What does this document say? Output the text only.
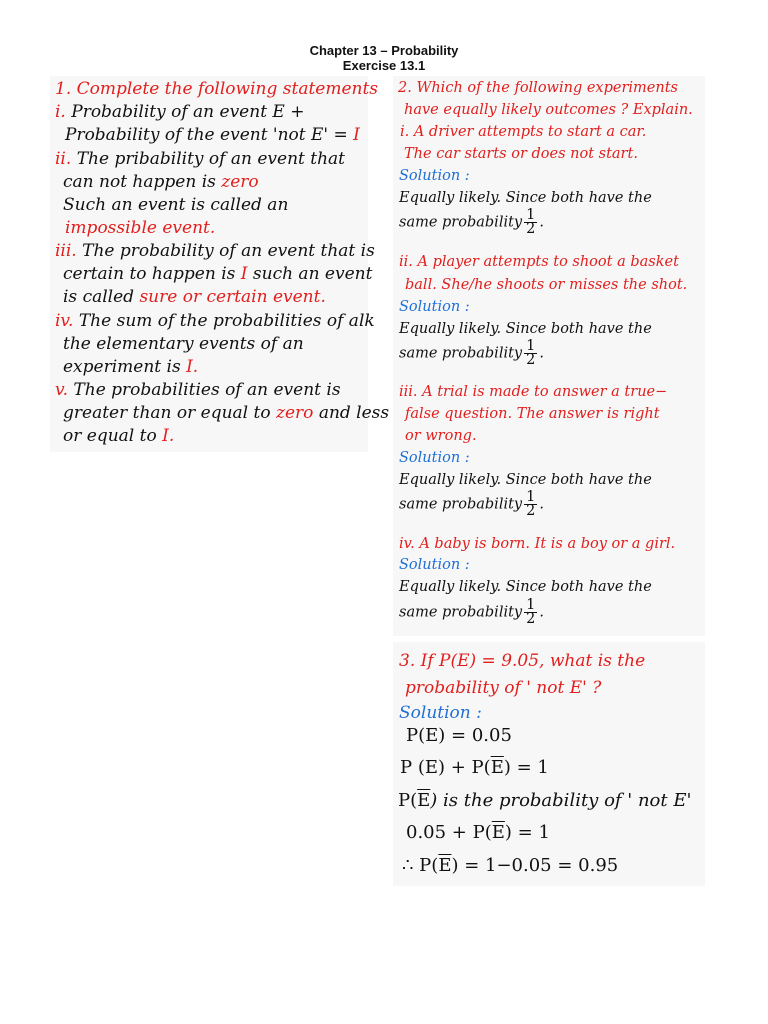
Chapter 13 – Probability
Exercise 13.1
1. Complete the following statements
i. Probability of an event E +
Probability of the event 'not E' = I
ii. The pribability of an event that
can not happen is zero
Such an event is called an
impossible event.
iii. The probability of an event that is
certain to happen is I such an event
is called sure or certain event.
iv. The sum of the probabilities of alk
the elementary events of an
experiment is I.
v. The probabilities of an event is
greater than or equal to zero and less
or equal to I.
2. Which of the following experiments
have equally likely outcomes ? Explain.
i. A driver attempts to start a car.
The car starts or does not start.
Solution :
Equally likely. Since both have the
same probability $\frac{1}{2}$ .
ii. A player attempts to shoot a basket
ball. She/he shoots or misses the shot.
Solution :
Equally likely. Since both have the
same probability $\frac{1}{2}$ .
iii. A trial is made to answer a true−
false question. The answer is right
or wrong.
Solution :
Equally likely. Since both have the
same probability $\frac{1}{2}$ .
iv. A baby is born. It is a boy or a girl.
Solution :
Equally likely. Since both have the
same probability $\frac{1}{2}$ .
3. If P(E) = 9.05, what is the
probability of ' not E' ?
Solution :
P(E) = 0.05
P $(E) + P(\overline{E}) = 1$
$P(\overline{E})$ is the probability of ' not E'
$0.05 + P(\overline{E}) = 1$
∴ $P(\overline{E}) = 1-0.05 = 0.95$
